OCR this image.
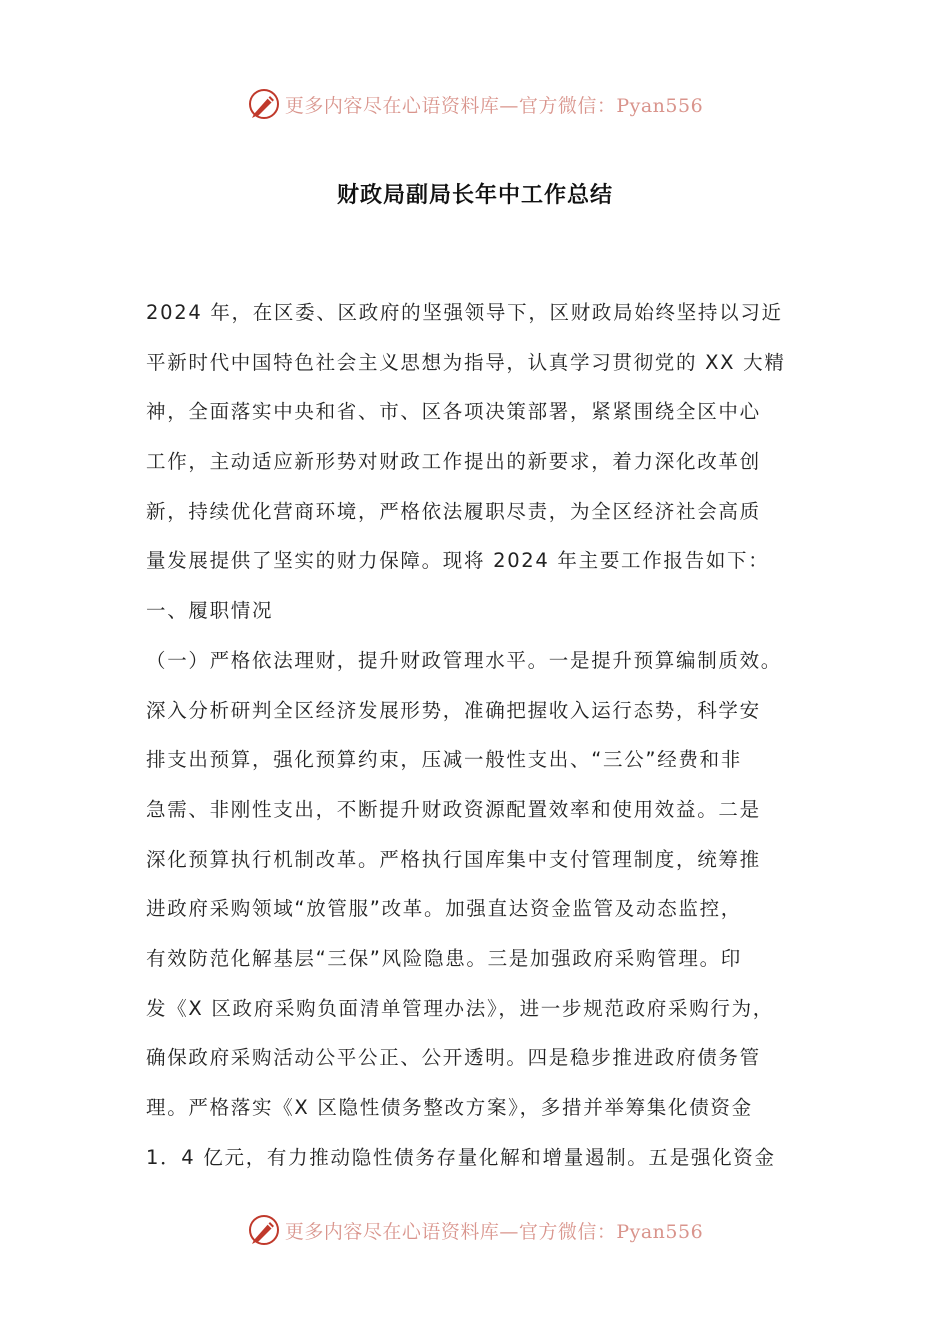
更多内容尽在心语资料库—官方微信：Pyan556
财政局副局长年中工作总结
2024 年，在区委、区政府的坚强领导下，区财政局始终坚持以习近
平新时代中国特色社会主义思想为指导，认真学习贯彻党的 XX 大精
神，全面落实中央和省、市、区各项决策部署，紧紧围绕全区中心
工作，主动适应新形势对财政工作提出的新要求，着力深化改革创
新，持续优化营商环境，严格依法履职尽责，为全区经济社会高质
量发展提供了坚实的财力保障。现将 2024 年主要工作报告如下：
一、履职情况
（一）严格依法理财，提升财政管理水平。一是提升预算编制质效。
深入分析研判全区经济发展形势，准确把握收入运行态势，科学安
排支出预算，强化预算约束，压减一般性支出、“三公”经费和非
急需、非刚性支出，不断提升财政资源配置效率和使用效益。二是
深化预算执行机制改革。严格执行国库集中支付管理制度，统筹推
进政府采购领域“放管服”改革。加强直达资金监管及动态监控，
有效防范化解基层“三保”风险隐患。三是加强政府采购管理。印
发《X 区政府采购负面清单管理办法》，进一步规范政府采购行为，
确保政府采购活动公平公正、公开透明。四是稳步推进政府债务管
理。严格落实《X 区隐性债务整改方案》，多措并举筹集化债资金
1．4 亿元，有力推动隐性债务存量化解和增量遏制。五是强化资金
更多内容尽在心语资料库—官方微信：Pyan556
